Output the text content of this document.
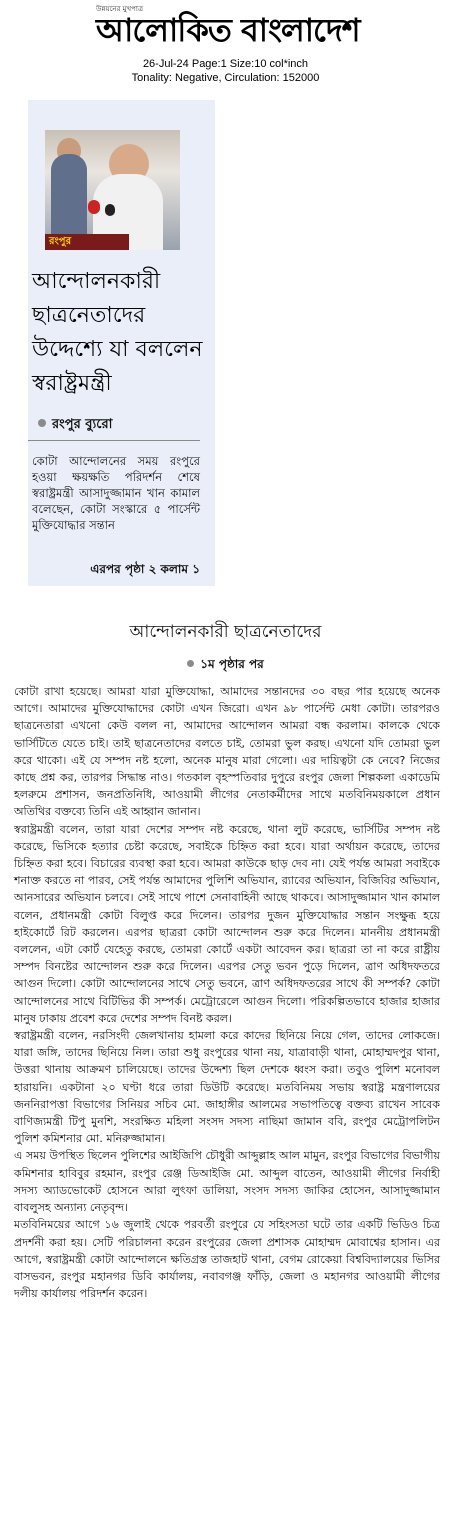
উন্নয়নের মুখপাত্র
আলোকিত বাংলাদেশ
26-Jul-24 Page:1 Size:10 col*inch
Tonality: Negative, Circulation: 152000
রংপুর
আন্দোলনকারী ছাত্রনেতাদের উদ্দেশ্যে যা বললেন স্বরাষ্ট্রমন্ত্রী
রংপুর ব্যুরো
কোটা আন্দোলনের সময় রংপুরে হওয়া ক্ষয়ক্ষতি পরিদর্শন শেষে স্বরাষ্ট্রমন্ত্রী আসাদুজ্জামান খান কামাল বলেছেন, কোটা সংস্কারে ৫ পার্সেন্ট মুক্তিযোদ্ধার সন্তান
এরপর পৃষ্ঠা ২ কলাম ১
আন্দোলনকারী ছাত্রনেতাদের
১ম পৃষ্ঠার পর

কোটা রাখা হয়েছে। আমরা যারা মুক্তিযোদ্ধা, আমাদের সন্তানদের ৩০ বছর পার হয়েছে অনেক আগে। আমাদের মুক্তিযোদ্ধাদের কোটা এখন জিরো। এখন ৯৮ পার্সেন্ট মেধা কোটা। তারপরও ছাত্রনেতারা এখনো কেউ বলল না, আমাদের আন্দোলন আমরা বন্ধ করলাম। কালকে থেকে ভার্সিটিতে যেতে চাই। তাই ছাত্রনেতাদের বলতে চাই, তোমরা ভুল করছ। এখনো যদি তোমরা ভুল করে থাকো। এই যে সম্পদ নষ্ট হলো, অনেক মানুষ মারা গেলো। এর দায়িত্বটা কে নেবে? নিজের কাছে প্রশ্ন কর, তারপর সিদ্ধান্ত নাও। গতকাল বৃহস্পতিবার দুপুরে রংপুর জেলা শিল্পকলা একাডেমি হলরুমে প্রশাসন, জনপ্রতিনিধি, আওয়ামী লীগের নেতাকর্মীদের সাথে মতবিনিময়কালে প্রধান অতিথির বক্তব্যে তিনি এই আহ্বান জানান।

স্বরাষ্ট্রমন্ত্রী বলেন, তারা যারা দেশের সম্পদ নষ্ট করেছে, থানা লুট করেছে, ভার্সিটির সম্পদ নষ্ট করেছে, ভিসিকে হত্যার চেষ্টা করেছে, সবাইকে চিহ্নিত করা হবে। যারা অর্থায়ন করেছে, তাদের চিহ্নিত করা হবে। বিচারের ব্যবস্থা করা হবে। আমরা কাউকে ছাড় দেব না। যেই পর্যন্ত আমরা সবাইকে শনাক্ত করতে না পারব, সেই পর্যন্ত আমাদের পুলিশি অভিযান, র‍্যাবের অভিযান, বিজিবির অভিযান, আনসারের অভিযান চলবে। সেই সাথে পাশে সেনাবাহিনী আছে থাকবে। আসাদুজ্জামান খান কামাল বলেন, প্রধানমন্ত্রী কোটা বিলুপ্ত করে দিলেন। তারপর দুজন মুক্তিযোদ্ধার সন্তান সংক্ষুব্ধ হয়ে হাইকোর্টে রিট করলেন। এরপর ছাত্ররা কোটা আন্দোলন শুরু করে দিলেন। মাননীয় প্রধানমন্ত্রী বললেন, এটা কোর্ট যেহেতু করছে, তোমরা কোর্টে একটা আবেদন কর। ছাত্ররা তা না করে রাষ্ট্রীয় সম্পদ বিনষ্টের আন্দোলন শুরু করে দিলেন। এরপর সেতু ভবন পুড়ে দিলেন, ত্রাণ অধিদফতরে আগুন দিলো। কোটা আন্দোলনের সাথে সেতু ভবনে, ত্রাণ অধিদফতরের সাথে কী সম্পর্ক? কোটা আন্দোলনের সাথে বিটিভির কী সম্পর্ক। মেট্রোরেলে আগুন দিলো। পরিকল্পিতভাবে হাজার হাজার মানুষ ঢাকায় প্রবেশ করে দেশের সম্পদ বিনষ্ট করল।

স্বরাষ্ট্রমন্ত্রী বলেন, নরসিংদী জেলখানায় হামলা করে কাদের ছিনিয়ে নিয়ে গেল, তাদের লোকজে। যারা জঙ্গি, তাদের ছিনিয়ে নিল। তারা শুধু রংপুরের থানা নয়, যাত্রাবাড়ী থানা, মোহাম্মদপুর থানা, উত্তরা থানায় আক্রমণ চালিয়েছে। তাদের উদ্দেশ্য ছিল দেশকে ধ্বংস করা। তবুও পুলিশ মনোবল হারায়নি। একটানা ২০ ঘণ্টা ধরে তারা ডিউটি করেছে। মতবিনিময় সভায় স্বরাষ্ট্র মন্ত্রণালয়ের জননিরাপত্তা বিভাগের সিনিয়র সচিব মো. জাহাঙ্গীর আলমের সভাপতিত্বে বক্তব্য রাখেন সাবেক বাণিজ্যমন্ত্রী টিপু মুনশি, সংরক্ষিত মহিলা সংসদ সদস্য নাছিমা জামান ববি, রংপুর মেট্রোপলিটন পুলিশ কমিশনার মো. মনিরুজ্জামান।

এ সময় উপস্থিত ছিলেন পুলিশের আইজিপি চৌধুরী আব্দুল্লাহ আল মামুন, রংপুর বিভাগের বিভাগীয় কমিশনার হাবিবুর রহমান, রংপুর রেঞ্জ ডিআইজি মো. আব্দুল বাতেন, আওয়ামী লীগের নির্বাহী সদস্য অ্যাডভোকেট হোসনে আরা লুৎফা ডালিয়া, সংসদ সদস্য জাকির হোসেন, আসাদুজ্জামান বাবলুসহ অন্যান্য নেতৃবৃন্দ।

মতবিনিময়ের আগে ১৬ জুলাই থেকে পরবর্তী রংপুরে যে সহিংসতা ঘটে তার একটি ভিডিও চিত্র প্রদর্শনী করা হয়। সেটি পরিচালনা করেন রংপুরের জেলা প্রশাসক মোহাম্মদ মোবাশ্বের হাসান। এর আগে, স্বরাষ্ট্রমন্ত্রী কোটা আন্দোলনে ক্ষতিগ্রস্ত তাজহাট থানা, বেগম রোকেয়া বিশ্ববিদ্যালয়ের ভিসির বাসভবন, রংপুর মহানগর ডিবি কার্যালয়, নবাবগঞ্জ ফাঁড়ি, জেলা ও মহানগর আওয়ামী লীগের দলীয় কার্যালয় পরিদর্শন করেন।
